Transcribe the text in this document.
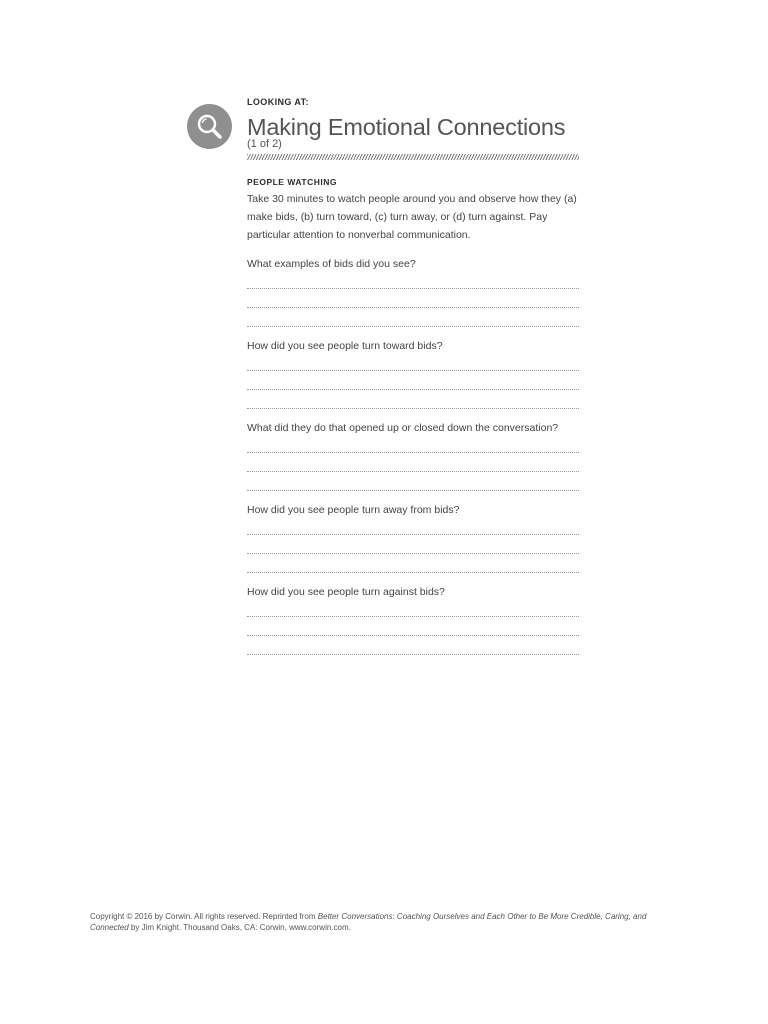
LOOKING AT:
Making Emotional Connections
(1 of 2)
PEOPLE WATCHING
Take 30 minutes to watch people around you and observe how they (a) make bids, (b) turn toward, (c) turn away, or (d) turn against. Pay particular attention to nonverbal communication.
What examples of bids did you see?
How did you see people turn toward bids?
What did they do that opened up or closed down the conversation?
How did you see people turn away from bids?
How did you see people turn against bids?
Copyright © 2016 by Corwin. All rights reserved. Reprinted from Better Conversations: Coaching Ourselves and Each Other to Be More Credible, Caring, and
Connected by Jim Knight. Thousand Oaks, CA: Corwin, www.corwin.com.
